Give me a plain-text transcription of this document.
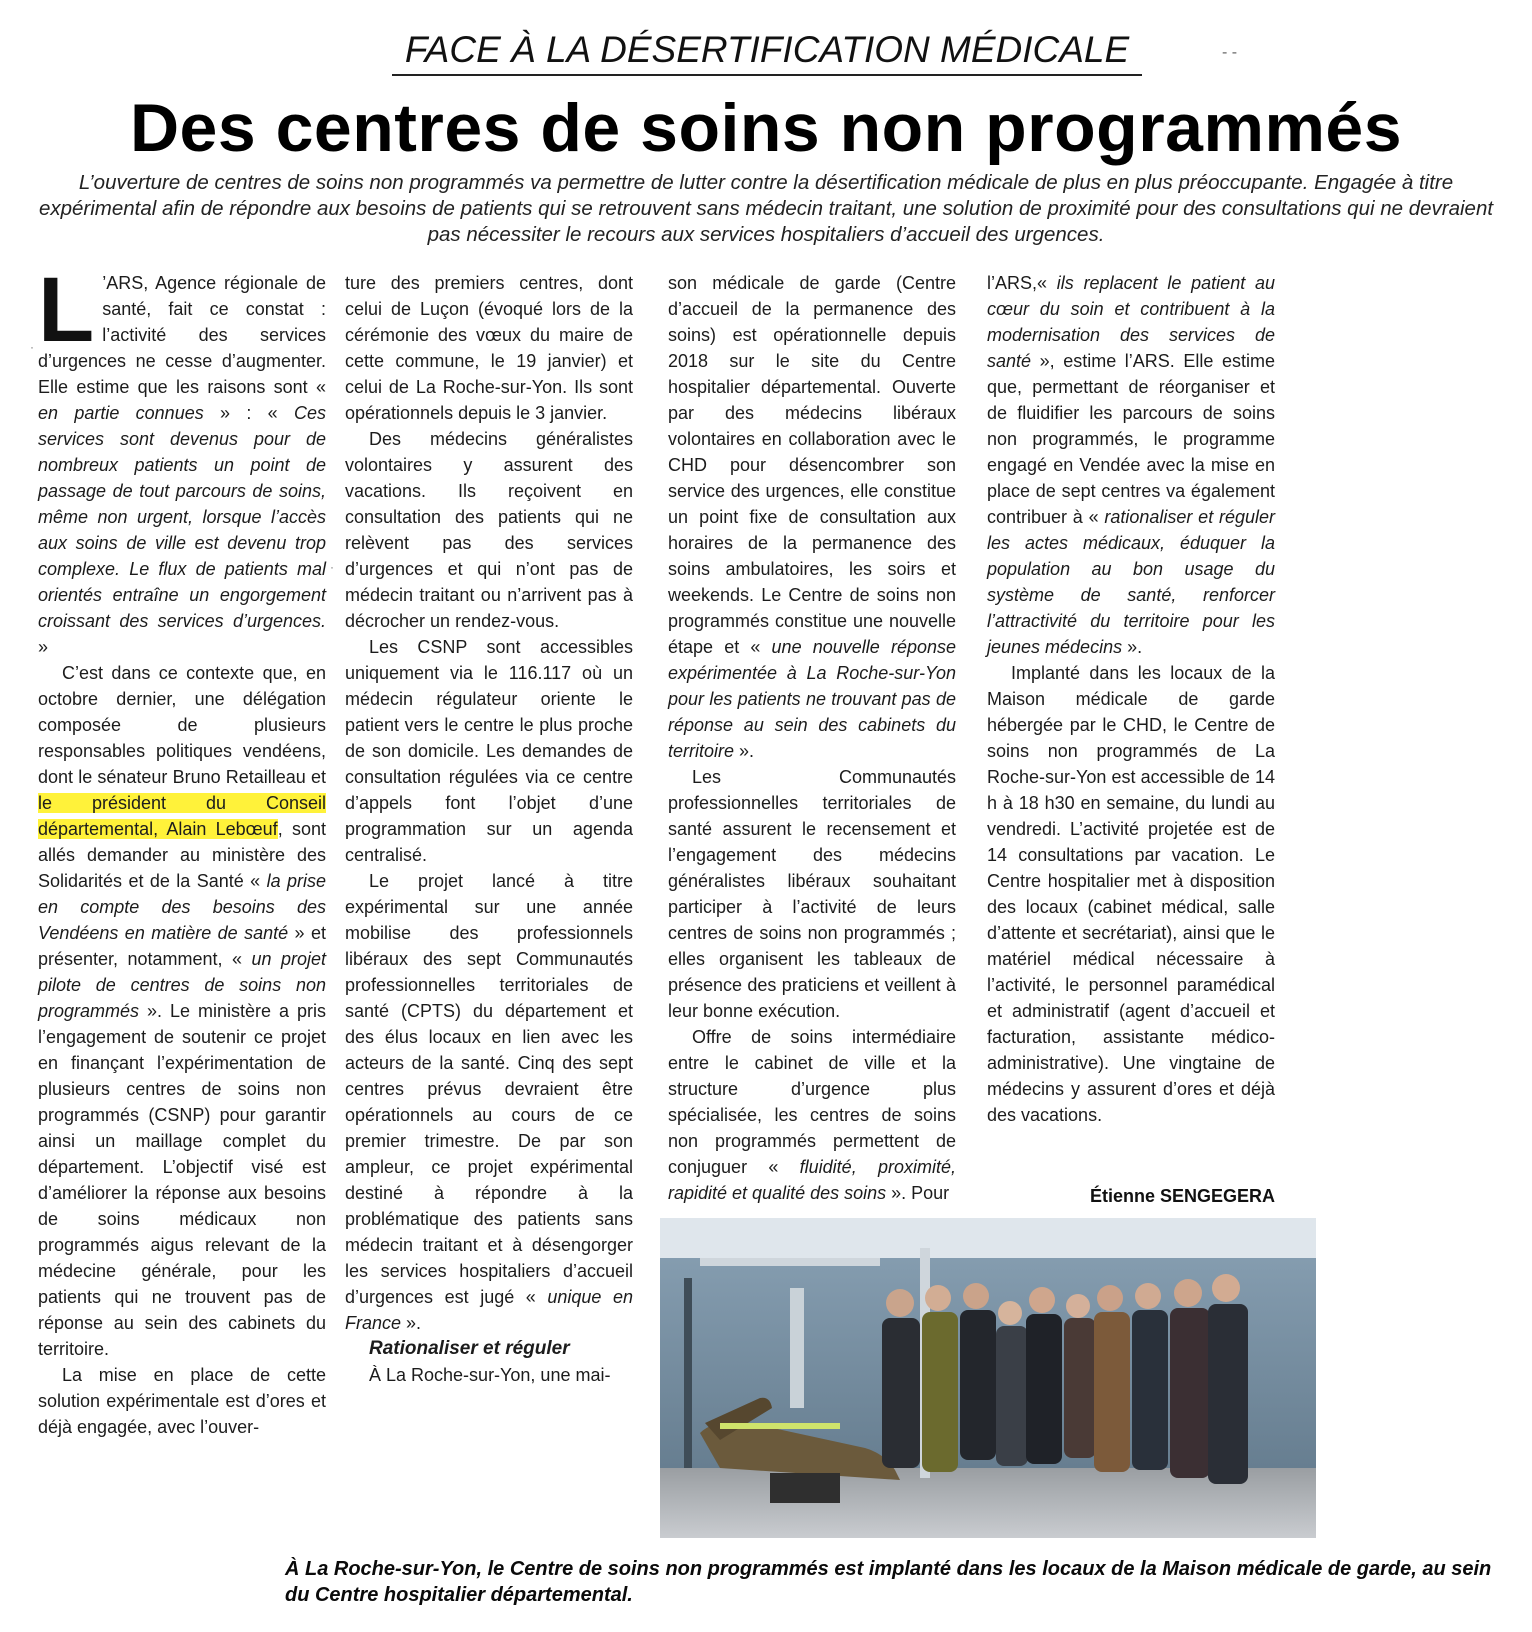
FACE À LA DÉSERTIFICATION MÉDICALE	- -
Des centres de soins non programmés
L’ouverture de centres de soins non programmés va permettre de lutter contre la désertification médicale de plus en plus préoccupante. Engagée à titre expérimental afin de répondre aux besoins de patients qui se retrouvent sans médecin traitant, une solution de proximité pour des consultations qui ne devraient pas nécessiter le recours aux services hospitaliers d’accueil des urgences.

L ’ARS, Agence régionale de santé, fait ce constat : l’activité des services d’urgences ne cesse d’augmenter. Elle estime que les raisons sont « en partie connues » : « Ces services sont devenus pour de nombreux patients un point de passage de tout parcours de soins, même non urgent, lorsque l’accès aux soins de ville est devenu trop complexe. Le flux de patients mal orientés entraîne un engorgement croissant des services d’urgences. »

C’est dans ce contexte que, en octobre dernier, une délégation composée de plusieurs responsables politiques vendéens, dont le sénateur Bruno Retailleau et le président du Conseil départemental, Alain Lebœuf, sont allés demander au ministère des Solidarités et de la Santé « la prise en compte des besoins des Vendéens en matière de santé » et présenter, notamment, « un projet pilote de centres de soins non programmés ». Le ministère a pris l’engagement de soutenir ce projet en finançant l’expérimentation de plusieurs centres de soins non programmés (CSNP) pour garantir ainsi un maillage complet du département. L’objectif visé est d’améliorer la réponse aux besoins de soins médicaux non programmés aigus relevant de la médecine générale, pour les patients qui ne trouvent pas de réponse au sein des cabinets du territoire.

La mise en place de cette solution expérimentale est d’ores et déjà engagée, avec l’ouver-

ture des premiers centres, dont celui de Luçon (évoqué lors de la cérémonie des vœux du maire de cette commune, le 19 janvier) et celui de La Roche-sur-Yon. Ils sont opérationnels depuis le 3 janvier.

Des médecins généralistes volontaires y assurent des vacations. Ils reçoivent en consultation des patients qui ne relèvent pas des services d’urgences et qui n’ont pas de médecin traitant ou n’arrivent pas à décrocher un rendez-vous.

Les CSNP sont accessibles uniquement via le 116.117 où un médecin régulateur oriente le patient vers le centre le plus proche de son domicile. Les demandes de consultation régulées via ce centre d’appels font l’objet d’une programmation sur un agenda centralisé.

Le projet lancé à titre expérimental sur une année mobilise des professionnels libéraux des sept Communautés professionnelles territoriales de santé (CPTS) du département et des élus locaux en lien avec les acteurs de la santé. Cinq des sept centres prévus devraient être opérationnels au cours de ce premier trimestre. De par son ampleur, ce projet expérimental destiné à répondre à la problématique des patients sans médecin traitant et à désengorger les services hospitaliers d’accueil d’urgences est jugé « unique en France ».

Rationaliser et réguler

À La Roche-sur-Yon, une mai-

son médicale de garde (Centre d’accueil de la permanence des soins) est opérationnelle depuis 2018 sur le site du Centre hospitalier départemental. Ouverte par des médecins libéraux volontaires en collaboration avec le CHD pour désencombrer son service des urgences, elle constitue un point fixe de consultation aux horaires de la permanence des soins ambulatoires, les soirs et weekends. Le Centre de soins non programmés constitue une nouvelle étape et « une nouvelle réponse expérimentée à La Roche-sur-Yon pour les patients ne trouvant pas de réponse au sein des cabinets du territoire ».

Les Communautés professionnelles territoriales de santé assurent le recensement et l’engagement des médecins généralistes libéraux souhaitant participer à l’activité de leurs centres de soins non programmés ; elles organisent les tableaux de présence des praticiens et veillent à leur bonne exécution.

Offre de soins intermédiaire entre le cabinet de ville et la structure d’urgence plus spécialisée, les centres de soins non programmés permettent de conjuguer « fluidité, proximité, rapidité et qualité des soins ». Pour

l’ARS,« ils replacent le patient au cœur du soin et contribuent à la modernisation des services de santé », estime l’ARS. Elle estime que, permettant de réorganiser et de fluidifier les parcours de soins non programmés, le programme engagé en Vendée avec la mise en place de sept centres va également contribuer à « rationaliser et réguler les actes médicaux, éduquer la population au bon usage du système de santé, renforcer l’attractivité du territoire pour les jeunes médecins ».

Implanté dans les locaux de la Maison médicale de garde hébergée par le CHD, le Centre de soins non programmés de La Roche-sur-Yon est accessible de 14 h à 18 h30 en semaine, du lundi au vendredi. L’activité projetée est de 14 consultations par vacation. Le Centre hospitalier met à disposition des locaux (cabinet médical, salle d’attente et secrétariat), ainsi que le matériel médical nécessaire à l’activité, le personnel paramédical et administratif (agent d’accueil et facturation, assistante médico-administrative). Une vingtaine de médecins y assurent d’ores et déjà des vacations.

Étienne SENGEGERA
À La Roche-sur-Yon, le Centre de soins non programmés est implanté dans les locaux de la Maison médicale de garde, au sein du Centre hospitalier départemental.
·
·
